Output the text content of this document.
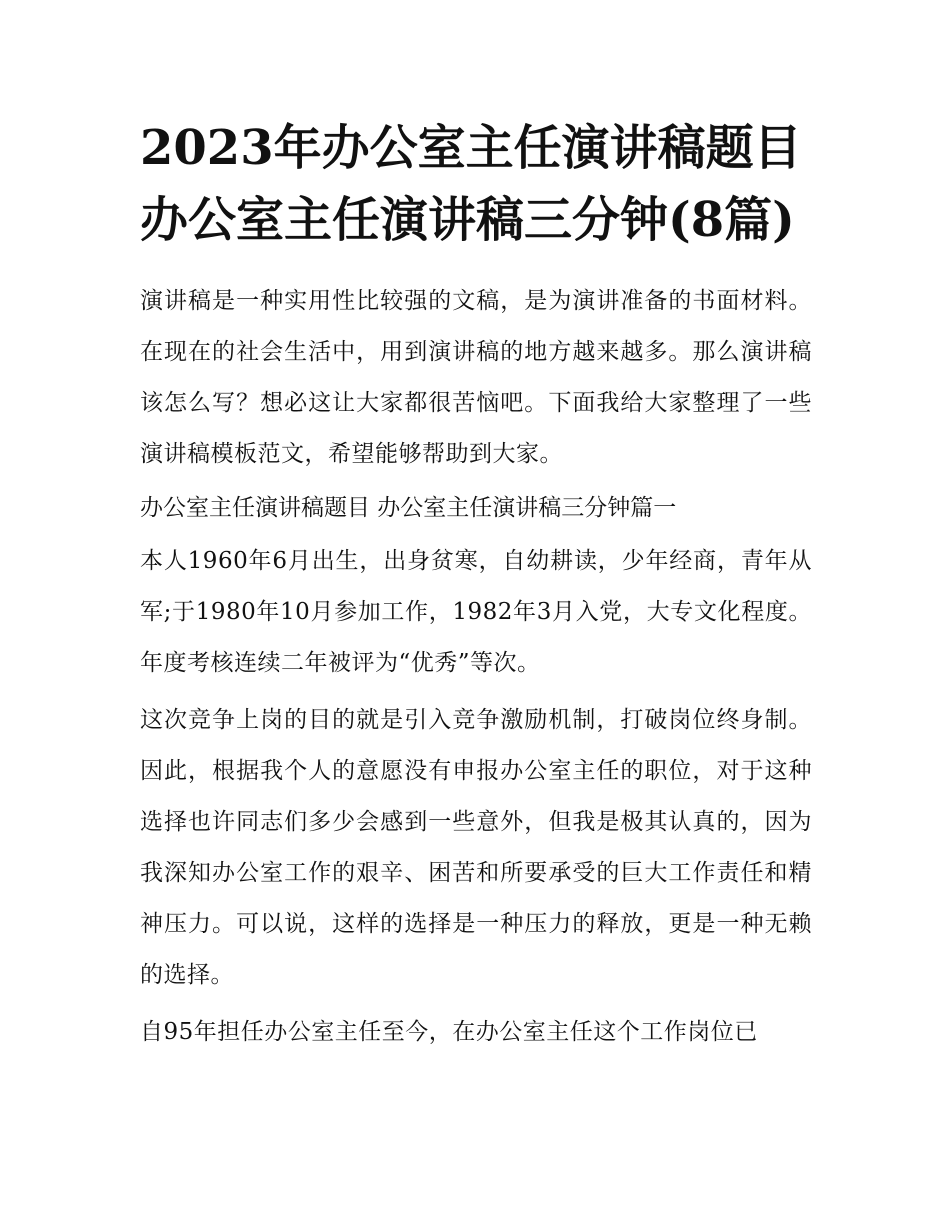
2023年办公室主任演讲稿题目 办公室主任演讲稿三分钟(8篇)

演讲稿是一种实用性比较强的文稿，是为演讲准备的书面材料。在现在的社会生活中，用到演讲稿的地方越来越多。那么演讲稿该怎么写？想必这让大家都很苦恼吧。下面我给大家整理了一些演讲稿模板范文，希望能够帮助到大家。

办公室主任演讲稿题目 办公室主任演讲稿三分钟篇一

本人1960年6月出生，出身贫寒，自幼耕读，少年经商，青年从军;于1980年10月参加工作，1982年3月入党，大专文化程度。年度考核连续二年被评为“优秀”等次。

这次竞争上岗的目的就是引入竞争激励机制，打破岗位终身制。因此，根据我个人的意愿没有申报办公室主任的职位，对于这种选择也许同志们多少会感到一些意外，但我是极其认真的，因为我深知办公室工作的艰辛、困苦和所要承受的巨大工作责任和精神压力。可以说，这样的选择是一种压力的释放，更是一种无赖的选择。

自95年担任办公室主任至今，在办公室主任这个工作岗位已
